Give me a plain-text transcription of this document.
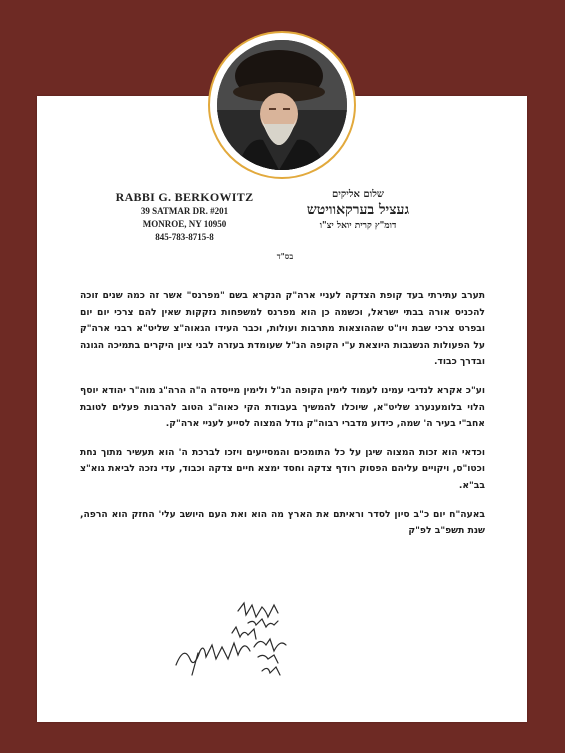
RABBI G. BERKOWITZ
39 SATMAR DR. #201
MONROE, NY 10950
845-783-8715-8
שלום אליקים
געציל בערקאוויטש
דומ"ץ קרית יואל יצ"ו
בס"ד

תערב עתירתי בעד קופת הצדקה לעניי ארה"ק הנקרא בשם "מפרנס" אשר זה כמה שנים זוכה להכניס אורה בבתי ישראל, וכשמה כן הוא מפרנס למשפחות נזקקות שאין להם צרכי יום יום ובפרט צרכי שבת ויו"ט שההוצאות מתרבות ועולות, וכבר העידו הגאוה"צ שליט"א רבני ארה"ק על הפעולות הנשגבות היוצאת ע"י הקופה הנ"ל שעומדת בעזרה לבני ציון היקרים בתמיכה הגונה ובדרך כבוד.

וע"כ אקרא לנדיבי עמינו לעמוד לימין הקופה הנ"ל ולימין מייסדה ה"ה הרה"ג מוה"ר יהודא יוסף הלוי בלומענערג שליט"א, שיוכלו להמשיך בעבודת הקי כאוה"ג הטוב להרבות פעלים לטובת אחב"י בעיר ה' שמה, כידוע מדברי רבוה"ק גודל המצוה לסייע לעניי ארה"ק.

וכדאי הוא זכות המצוה שיגן על כל התומכים והמסייעים ויזכו לברכת ה' הוא תעשיר מתוך נחת וכטו"ס, ויקויים עליהם הפסוק רודף צדקה וחסד ימצא חיים צדקה וכבוד, עדי נזכה לביאת גוא"צ בב"א.

באעה"ח יום כ"ב סיון לסדר וראיתם את הארץ מה הוא ואת העם היושב עלי' החזק הוא הרפה, שנת תשפ"ב לפ"ק
